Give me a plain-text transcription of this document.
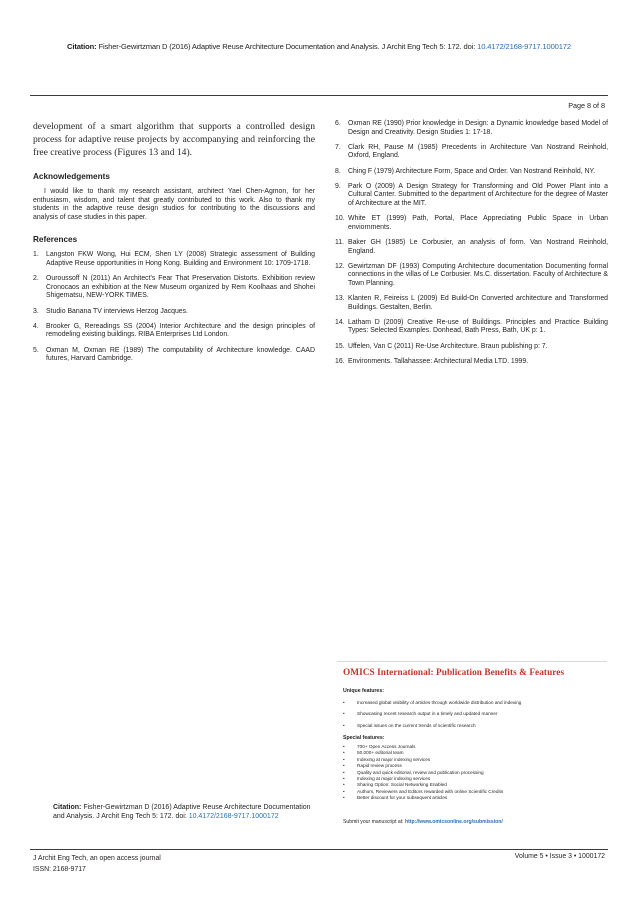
Citation: Fisher-Gewirtzman D (2016) Adaptive Reuse Architecture Documentation and Analysis. J Archit Eng Tech 5: 172. doi: 10.4172/2168-9717.1000172
Page 8 of 8

development of a smart algorithm that supports a controlled design process for adaptive reuse projects by accompanying and reinforcing the free creative process (Figures 13 and 14).

Acknowledgements

I would like to thank my research assistant, architect Yael Chen-Agmon, for her enthusiasm, wisdom, and talent that greatly contributed to this work. Also to thank my students in the adaptive reuse design studios for contributing to the discussions and analysis of case studies in this paper.

References
1.	Langston FKW Wong, Hui ECM, Shen LY (2008) Strategic assessment of Building Adaptive Reuse opportunities in Hong Kong. Building and Environment 10: 1709-1718.
2.	Ouroussoff N (2011) An Architect's Fear That Preservation Distorts. Exhibition review Cronocaos an exhibition at the New Museum organized by Rem Koolhaas and Shohei Shigematsu, NEW-YORK TIMES.
3.	Studio Banana TV interviews Herzog Jacques.
4.	Brooker G, Rereadings SS (2004) Interior Architecture and the design principles of remodeling existing buildings. RIBA Enterprises Ltd London.
5.	Oxman M, Oxman RE (1989) The computability of Architecture knowledge. CAAD futures, Harvard Cambridge.
6.	Oxman RE (1990) Prior knowledge in Design: a Dynamic knowledge based Model of Design and Creativity. Design Studies 1: 17-18.
7.	Clark RH, Pause M (1985) Precedents in Architecture Van Nostrand Reinhold, Oxford, England.
8.	Ching F (1979) Architecture Form, Space and Order. Van Nostrand Reinhold, NY.
9.	Park O (2009) A Design Strategy for Transforming and Old Power Plant into a Cultural Canter. Submitted to the department of Architecture for the degree of Master of Architecture at the MIT.
10. White ET (1999) Path, Portal, Place Appreciating Public Space in Urban enviornments.
11. Baker GH (1985) Le Corbusier, an analysis of form. Van Nostrand Reinhold, England.
12. Gewirtzman DF (1993) Computing Architecture documentation Documenting formal connections in the villas of Le Corbusier. Ms.C. dissertation. Faculty of Architecture & Town Planning.
13. Klanten R, Feireiss L (2009) Ed Build-On Converted architecture and Transformed Buildings. Gestalten, Berlin.
14. Latham D (2009) Creative Re-use of Buildings. Principles and Practice Building Types: Selected Examples. Donhead, Bath Press, Bath, UK p: 1.
15. Uffelen, Van C (2011) Re-Use Architecture. Braun publishing p: 7.
16. Environments. Tallahassee: Architectural Media LTD. 1999.
OMICS International: Publication Benefits & Features
Unique features:
•	Increased global visibility of articles through worldwide distribution and indexing
•	Showcasing recent research output in a timely and updated manner
•	Special issues on the current trends of scientific research
Special features:
•	700+ Open Access Journals
•	50,000+ editorial team
•	Indexing at major indexing services
•	Rapid review process
•	Quality and quick editorial, review and publication processing
•	Indexing at major indexing services
•	Sharing Option: Social Networking Enabled
•	Authors, Reviewers and Editors rewarded with online Scientific Credits
•	Better discount for your subsequent articles
Submit your manuscript at: http://www.omicsonline.org/submission/
Citation: Fisher-Gewirtzman D (2016) Adaptive Reuse Architecture Documentation and Analysis. J Archit Eng Tech 5: 172. doi: 10.4172/2168-9717.1000172
J Archit Eng Tech, an open access journal
ISSN: 2168-9717
Volume 5 • Issue 3 • 1000172
